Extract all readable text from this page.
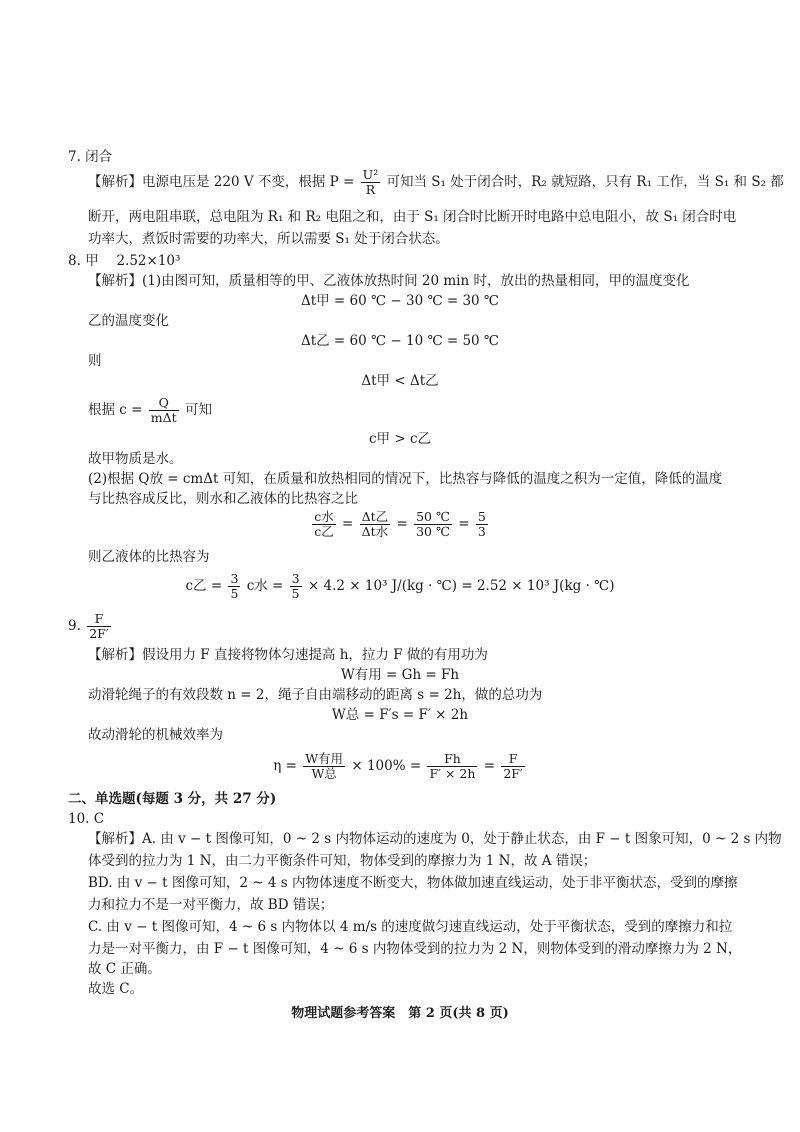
7. 闭合
【解析】电源电压是 220 V 不变，根据 $P = \frac{\text{U²}}{R}$ 可知当 S₁ 处于闭合时，R₂ 就短路，只有 R₁ 工作，当 S₁ 和 S₂ 都
断开，两电阻串联，总电阻为 R₁ 和 R₂ 电阻之和，由于 S₁ 闭合时比断开时电路中总电阻小，故 S₁ 闭合时电
功率大，煮饭时需要的功率大，所以需要 S₁ 处于闭合状态。
8. 甲　 2.52×10³
【解析】(1)由图可知，质量相等的甲、乙液体放热时间 20 min 时，放出的热量相同，甲的温度变化
Δt甲 = 60 ℃ − 30 ℃ = 30 ℃
乙的温度变化
Δt乙 = 60 ℃ − 10 ℃ = 50 ℃
则
Δt甲 < Δt乙
根据 $c = \frac{Q}{\text{mΔt}}$ 可知
c甲 > c乙
故甲物质是水。
(2)根据 Q放 = cmΔt 可知，在质量和放热相同的情况下，比热容与降低的温度之积为一定值，降低的温度
与比热容成反比，则水和乙液体的比热容之比
$\frac{\text{c水}}{\text{c乙}} = \frac{\text{Δt乙}}{\text{Δt水}} = \frac{50 ℃}{30 ℃} = \frac{5}{3}$
则乙液体的比热容为
c乙 = $\frac{3}{5}$ c水 = $\frac{3}{5} \times 4.2 \times 10^3$ J/(kg · ℃) = 2.52 × 10³ J(kg · ℃)
9. $\frac{F}{2F'}$
【解析】假设用力 F 直接将物体匀速提高 h，拉力 F 做的有用功为
W有用 = Gh = Fh
动滑轮绳子的有效段数 n = 2，绳子自由端移动的距离 s = 2h，做的总功为
W总 = F′s = F′ × 2h
故动滑轮的机械效率为
$\eta = \frac{\text{W有用}}{\text{W总}} \times 100\% = \frac{Fh}{F' \times 2h} = \frac{F}{2F'}$
二、单选题(每题 3 分，共 27 分)
10. C
【解析】A. 由 v − t 图像可知，0 ~ 2 s 内物体运动的速度为 0，处于静止状态，由 F − t 图象可知，0 ~ 2 s 内物
体受到的拉力为 1 N，由二力平衡条件可知，物体受到的摩擦力为 1 N，故 A 错误；
BD. 由 v − t 图像可知，2 ~ 4 s 内物体速度不断变大，物体做加速直线运动，处于非平衡状态，受到的摩擦
力和拉力不是一对平衡力，故 BD 错误；
C. 由 v − t 图像可知，4 ~ 6 s 内物体以 4 m/s 的速度做匀速直线运动，处于平衡状态，受到的摩擦力和拉
力是一对平衡力，由 F − t 图像可知，4 ~ 6 s 内物体受到的拉力为 2 N，则物体受到的滑动摩擦力为 2 N，
故 C 正确。
故选 C。
物理试题参考答案　第 2 页(共 8 页)
